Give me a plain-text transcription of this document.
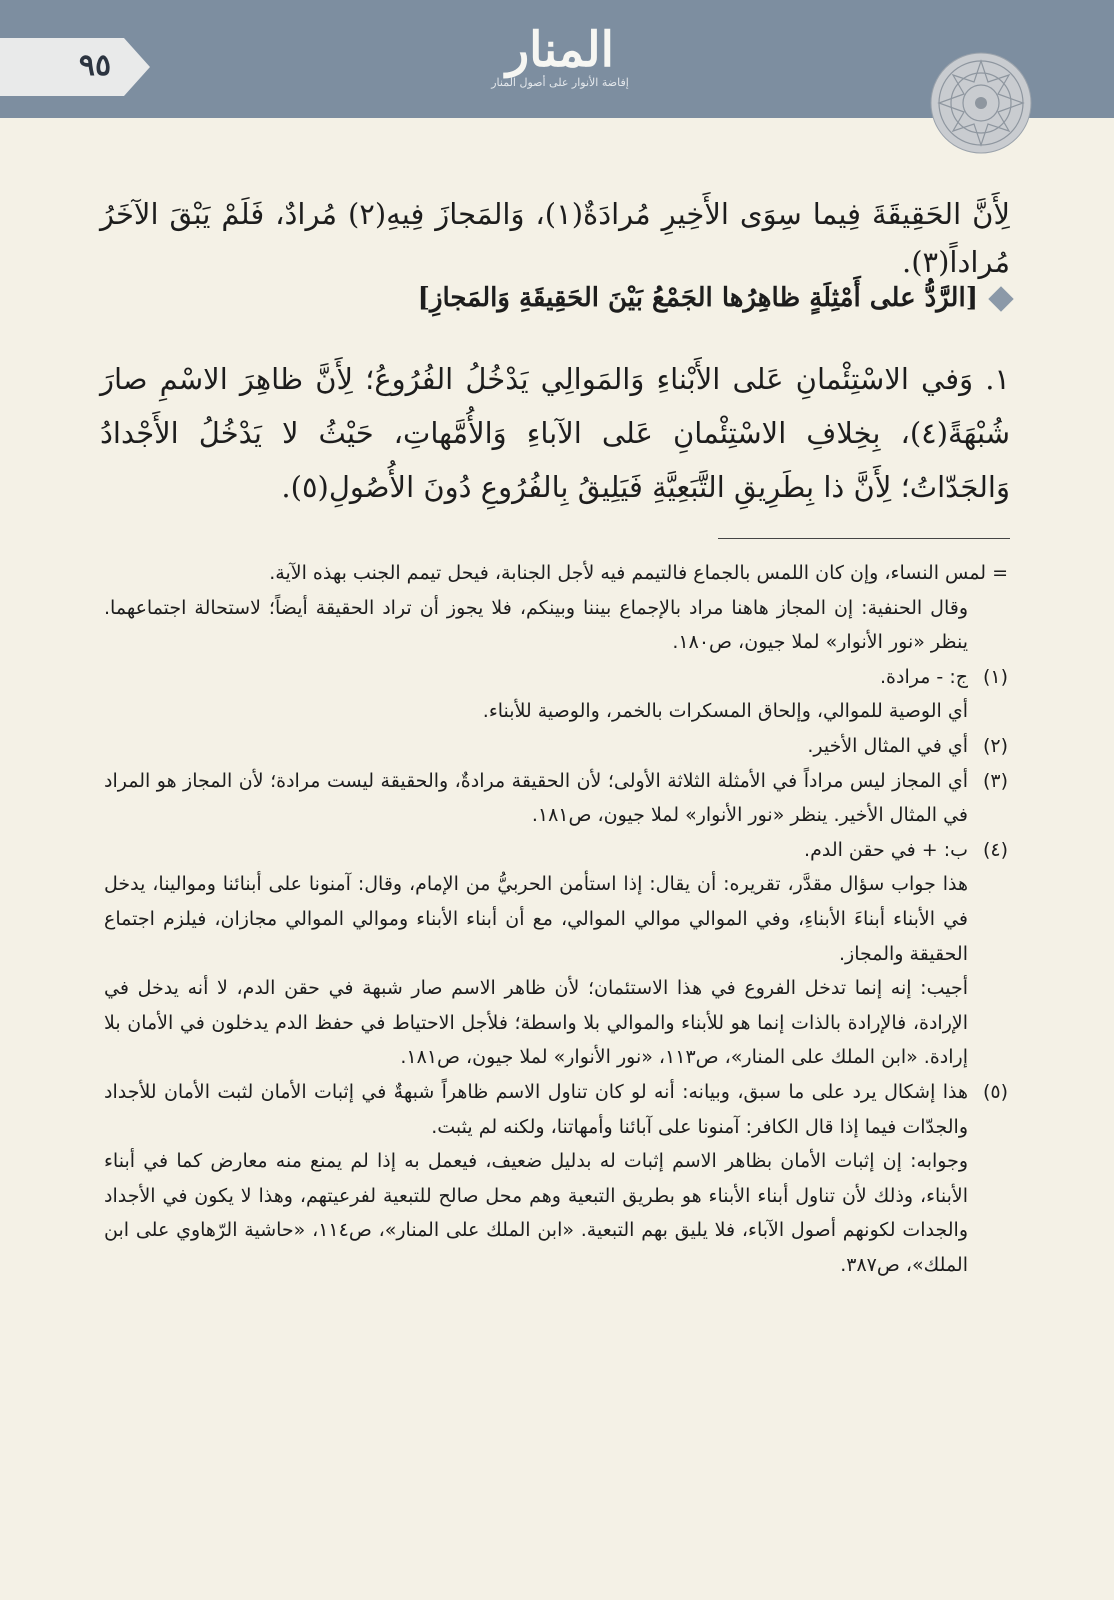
٩٥	المنار
إفاضة الأنوار على أصول المنار

لِأَنَّ الحَقِيقَةَ فِيما سِوَى الأَخِيرِ مُرادَةٌ(١)، وَالمَجازَ فِيهِ(٢) مُرادٌ، فَلَمْ يَبْقَ الآخَرُ مُراداً(٣).

[الرَّدُّ على أَمْثِلَةٍ ظاهِرُها الجَمْعُ بَيْنَ الحَقِيقَةِ وَالمَجازِ]

١. وَفي الاسْتِئْمانِ عَلى الأَبْناءِ وَالمَوالِي يَدْخُلُ الفُرُوعُ؛ لِأَنَّ ظاهِرَ الاسْمِ صارَ شُبْهَةً(٤)، بِخِلافِ الاسْتِئْمانِ عَلى الآباءِ وَالأُمَّهاتِ، حَيْثُ لا يَدْخُلُ الأَجْدادُ وَالجَدّاتُ؛ لِأَنَّ ذا بِطَرِيقِ التَّبَعِيَّةِ فَيَلِيقُ بِالفُرُوعِ دُونَ الأُصُولِ(٥).

= لمس النساء، وإن كان اللمس بالجماع فالتيمم فيه لأجل الجنابة، فيحل تيمم الجنب بهذه الآية.

وقال الحنفية: إن المجاز هاهنا مراد بالإجماع بيننا وبينكم، فلا يجوز أن تراد الحقيقة أيضاً؛ لاستحالة اجتماعهما. ينظر «نور الأنوار» لملا جيون، ص١٨٠.

(١)
ج: - مرادة.

أي الوصية للموالي، وإلحاق المسكرات بالخمر، والوصية للأبناء.

(٢)
أي في المثال الأخير.
(٣)
أي المجاز ليس مراداً في الأمثلة الثلاثة الأولى؛ لأن الحقيقة مرادةٌ، والحقيقة ليست مرادة؛ لأن المجاز هو المراد في المثال الأخير. ينظر «نور الأنوار» لملا جيون، ص١٨١.
(٤)
ب: + في حقن الدم.

هذا جواب سؤال مقدَّر، تقريره: أن يقال: إذا استأمن الحربيُّ من الإمام، وقال: آمنونا على أبنائنا وموالينا، يدخل في الأبناء أبناءَ الأبناءِ، وفي الموالي موالي الموالي، مع أن أبناء الأبناء وموالي الموالي مجازان، فيلزم اجتماع الحقيقة والمجاز.

أجيب: إنه إنما تدخل الفروع في هذا الاستئمان؛ لأن ظاهر الاسم صار شبهة في حقن الدم، لا أنه يدخل في الإرادة، فالإرادة بالذات إنما هو للأبناء والموالي بلا واسطة؛ فلأجل الاحتياط في حفظ الدم يدخلون في الأمان بلا إرادة. «ابن الملك على المنار»، ص١١٣، «نور الأنوار» لملا جيون، ص١٨١.

(٥)
هذا إشكال يرد على ما سبق، وبيانه: أنه لو كان تناول الاسم ظاهراً شبهةٌ في إثبات الأمان لثبت الأمان للأجداد والجدّات فيما إذا قال الكافر: آمنونا على آبائنا وأمهاتنا، ولكنه لم يثبت.

وجوابه: إن إثبات الأمان بظاهر الاسم إثبات له بدليل ضعيف، فيعمل به إذا لم يمنع منه معارض كما في أبناء الأبناء، وذلك لأن تناول أبناء الأبناء هو بطريق التبعية وهم محل صالح للتبعية لفرعيتهم، وهذا لا يكون في الأجداد والجدات لكونهم أصول الآباء، فلا يليق بهم التبعية. «ابن الملك على المنار»، ص١١٤، «حاشية الرّهاوي على ابن الملك»، ص٣٨٧.
